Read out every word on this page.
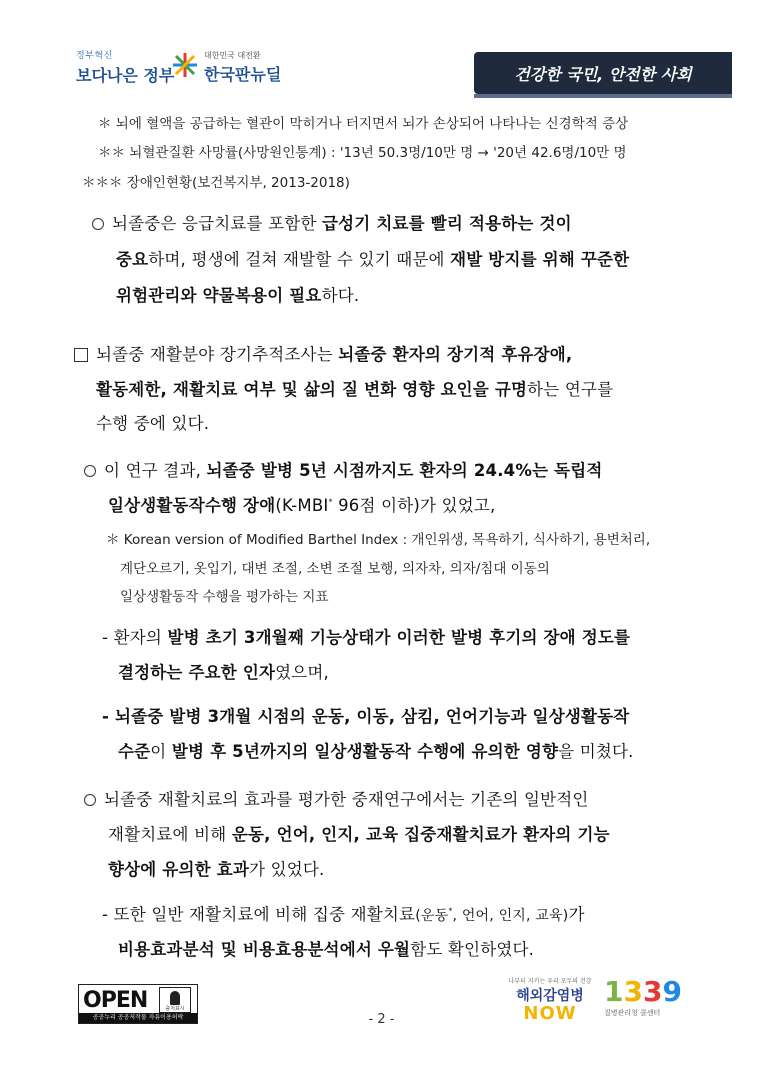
정부혁신
보다나은 정부
대한민국 대전환
한국판뉴딜	건강한 국민, 안전한 사회
＊ 뇌에 혈액을 공급하는 혈관이 막히거나 터지면서 뇌가 손상되어 나타나는 신경학적 증상
＊＊ 뇌혈관질환 사망률(사망원인통계) : '13년 50.3명/10만 명 → '20년 42.6명/10만 명
＊＊＊ 장애인현황(보건복지부, 2013-2018)
뇌졸중은 응급치료를 포함한 급성기 치료를 빨리 적용하는 것이
중요하며, 평생에 걸쳐 재발할 수 있기 때문에 재발 방지를 위해 꾸준한
위험관리와 약물복용이 필요하다.
뇌졸중 재활분야 장기추적조사는 뇌졸중 환자의 장기적 후유장애,
활동제한, 재활치료 여부 및 삶의 질 변화 영향 요인을 규명하는 연구를
수행 중에 있다.
이 연구 결과, 뇌졸중 발병 5년 시점까지도 환자의 24.4%는 독립적
일상생활동작수행 장애(K-MBI* 96점 이하)가 있었고,
＊ Korean version of Modified Barthel Index : 개인위생, 목욕하기, 식사하기, 용변처리,
계단오르기, 옷입기, 대변 조절, 소변 조절 보행, 의자차, 의자/침대 이동의
일상생활동작 수행을 평가하는 지표
- 환자의 발병 초기 3개월째 기능상태가 이러한 발병 후기의 장애 정도를
결정하는 주요한 인자였으며,
- 뇌졸중 발병 3개월 시점의 운동, 이동, 삼킴, 언어기능과 일상생활동작
수준이 발병 후 5년까지의 일상생활동작 수행에 유의한 영향을 미쳤다.
뇌졸중 재활치료의 효과를 평가한 중재연구에서는 기존의 일반적인
재활치료에 비해 운동, 언어, 인지, 교육 집중재활치료가 환자의 기능
향상에 유의한 효과가 있었다.
- 또한 일반 재활치료에 비해 집중 재활치료(운동*, 언어, 인지, 교육)가
비용효과분석 및 비용효용분석에서 우월함도 확인하였다.
OPEN	출처표시
공공누리 공공저작물 자유이용허락	- 2 -
나부터 지키는 우리 모두의 건강
해외감염병
NOW
1339
질병관리청 콜센터
